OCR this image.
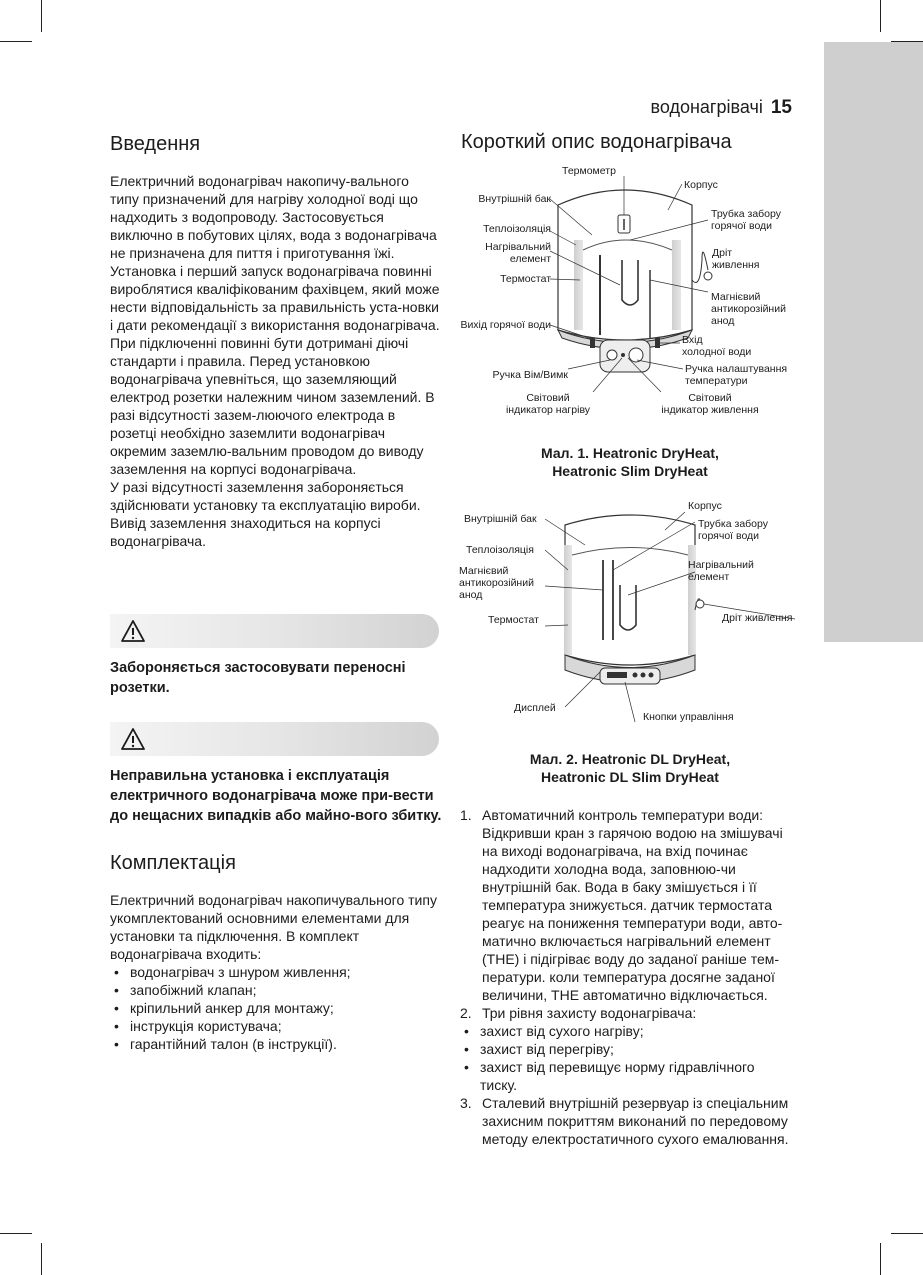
водонагрівачі 15
Введення

Електричний водонагрівач накопичу-вального типу призначений для нагріву холодної воді що надходить з водопроводу. Застосовується виключно в побутових цілях, вода з водонагрівача не призначена для пиття і приготування їжі. Установка і перший запуск водонагрівача повинні вироблятися кваліфікованим фахівцем, який може нести відповідальність за правильність уста-новки і дати рекомендації з використання водонагрівача. При підключенні повинні бути дотримані діючі стандарти і правила. Перед установкою водонагрівача упевніться, що заземляющий електрод розетки належним чином заземлений. В разі відсутності зазем-люючого електрода в розетці необхідно заземлити водонагрівач окремим заземлю-вальним проводом до виводу заземлення на корпусі водонагрівача.

У разі відсутності заземлення забороняється здійснювати установку та експлуатацію вироби. Вивід заземлення знаходиться на корпусі водонагрівача.

Забороняється застосовувати переносні розетки.
Неправильна установка і експлуатація електричного водонагрівача може при-вести до нещасних випадків або майно-вого збитку.
Комплектація

Електричний водонагрівач накопичувального типу укомплектований основними елементами для установки та підключення. В комплект водонагрівача входить:

• водонагрівач з шнуром живлення;
• запобіжний клапан;
• кріпильний анкер для монтажу;
• інструкція користувача;
• гарантійний талон (в інструкції).
Короткий опис водонагрівача
Термометр
Корпус
Внутрішній бак
Трубка забору
горячої води
Теплоізоляція
Нагрівальний
елемент	Дріт
живлення
Термостат
Магнієвий
антикорозійний
анод
Вихід горячої води
Вхід
холодної води
Ручка налаштування
температури
Ручка Вім/Вимк
Світовий
індикатор нагріву
Світовий
індикатор живлення
Мал. 1. Heatronic DryHeat,
Heatronic Slim DryHeat
Корпус
Внутрішній бак	Трубка забору
горячої води
Теплоізоляція
Нагрівальний
елемент
Магнієвий
антикорозійний
анод
Дріт живлення
Термостат
Дисплей
Кнопки управління
Мал. 2. Heatronic DL DryHeat,
Heatronic DL Slim DryHeat
1. Автоматичний контроль температури води: Відкривши кран з гарячою водою на змішувачі на виході водонагрівача, на вхід починає надходити холодна вода, заповнюю-чи внутрішній бак. Вода в баку змішується і її температура знижується. датчик термостата реагує на пониження температури води, авто-матично включається нагрівальний елемент (ТНЕ) і підігріває воду до заданої раніше тем-ператури. коли температура досягне заданої величини, ТНЕ автоматично відключається.
2. Три рівня захисту водонагрівача:
• захист від сухого нагріву;
• захист від перегріву;
• захист від перевищує норму гідравлічного тиску.
3. Сталевий внутрішній резервуар із спеціальним захисним покриттям виконаний по передовому методу електростатичного сухого емалювання.
